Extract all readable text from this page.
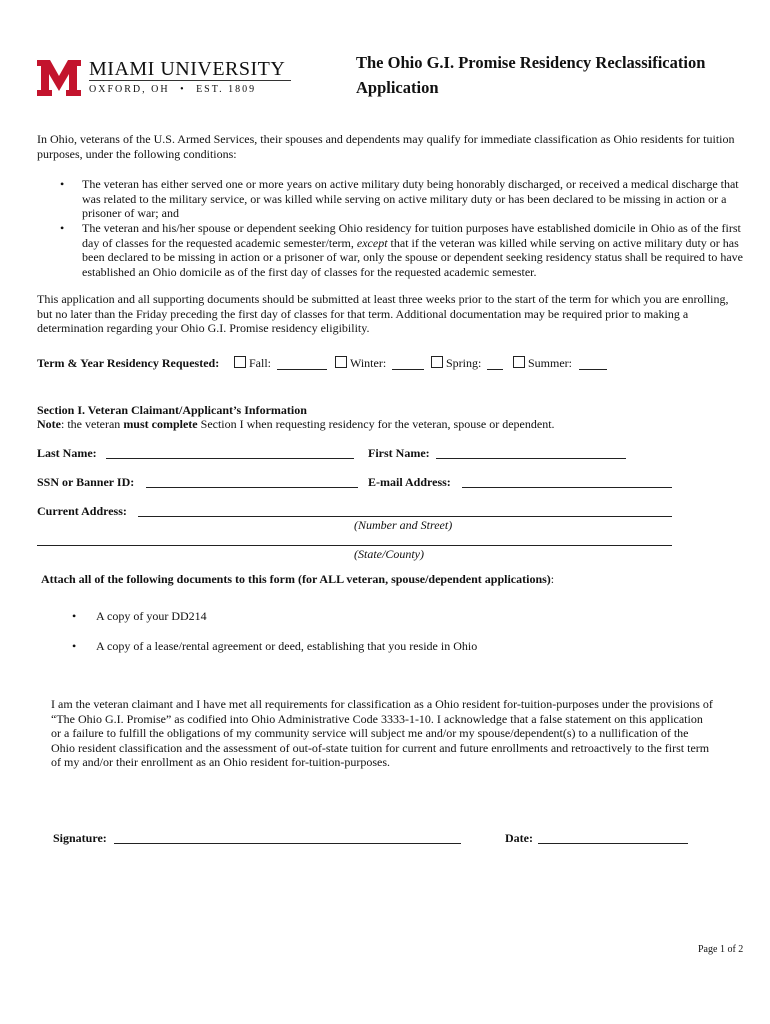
MIAMI UNIVERSITY
OXFORD, OH • EST. 1809
The Ohio G.I. Promise Residency Reclassification
Application
In Ohio, veterans of the U.S. Armed Services, their spouses and dependents may qualify for immediate classification as Ohio residents for tuition purposes, under the following conditions:
• The veteran has either served one or more years on active military duty being honorably discharged, or received a medical discharge that was related to the military service, or was killed while serving on active military duty or has been declared to be missing in action or a prisoner of war; and
• The veteran and his/her spouse or dependent seeking Ohio residency for tuition purposes have established domicile in Ohio as of the first day of classes for the requested academic semester/term, except that if the veteran was killed while serving on active military duty or has been declared to be missing in action or a prisoner of war, only the spouse or dependent seeking residency status shall be required to have established an Ohio domicile as of the first day of classes for the requested academic semester.
This application and all supporting documents should be submitted at least three weeks prior to the start of the term for which you are enrolling, but no later than the Friday preceding the first day of classes for that term. Additional documentation may be required prior to making a determination regarding your Ohio G.I. Promise residency eligibility.
Term & Year Residency Requested:	Fall:	Winter:	Spring:	Summer:
Section I. Veteran Claimant/Applicant’s Information
Note: the veteran must complete Section I when requesting residency for the veteran, spouse or dependent.
Last Name:	First Name:
SSN or Banner ID:	E-mail Address:
Current Address:
(Number and Street)
(State/County)
Attach all of the following documents to this form (for ALL veteran, spouse/dependent applications):
• A copy of your DD214
• A copy of a lease/rental agreement or deed, establishing that you reside in Ohio
I am the veteran claimant and I have met all requirements for classification as a Ohio resident for-tuition-purposes under the provisions of “The Ohio G.I. Promise” as codified into Ohio Administrative Code 3333-1-10. I acknowledge that a false statement on this application or a failure to fulfill the obligations of my community service will subject me and/or my spouse/dependent(s) to a nullification of the Ohio resident classification and the assessment of out-of-state tuition for current and future enrollments and retroactively to the first term of my and/or their enrollment as an Ohio resident for-tuition-purposes.
Signature:	Date:
Page 1 of 2
